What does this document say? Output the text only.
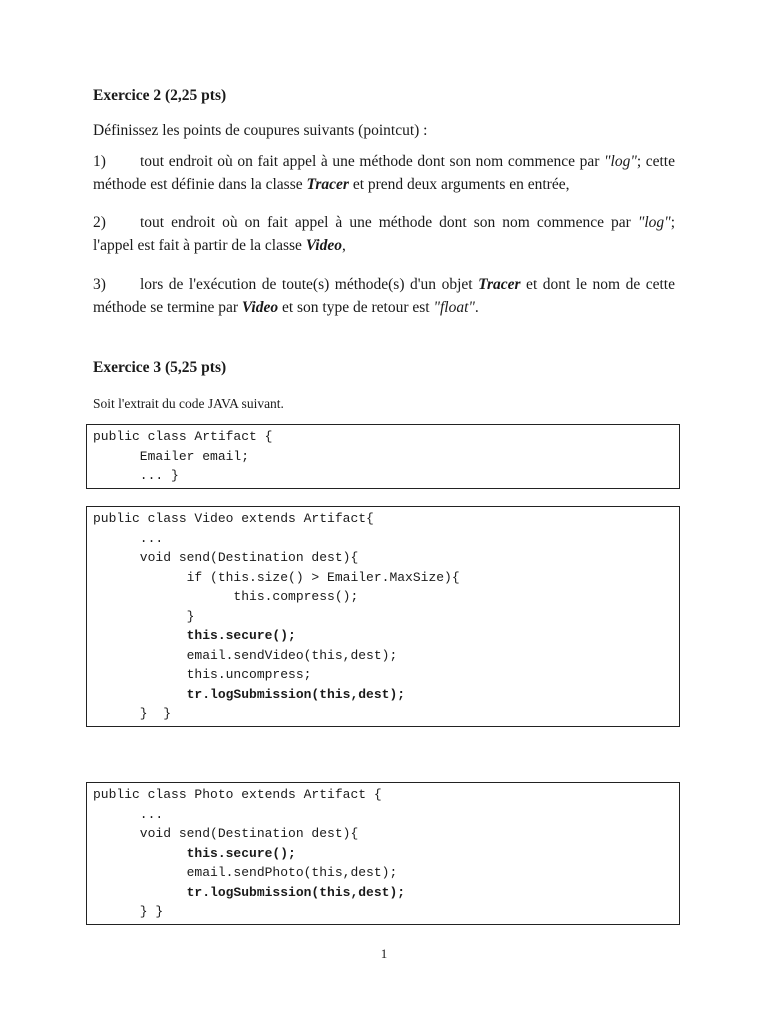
Exercice 2 (2,25 pts)
Définissez les points de coupures suivants (pointcut) :
1) tout endroit où on fait appel à une méthode dont son nom commence par "log"; cette méthode est définie dans la classe Tracer et prend deux arguments en entrée,
2) tout endroit où on fait appel à une méthode dont son nom commence par "log"; l'appel est fait à partir de la classe Video,
3) lors de l'exécution de toute(s) méthode(s) d'un objet Tracer et dont le nom de cette méthode se termine par Video et son type de retour est "float".
Exercice 3 (5,25 pts)
Soit l'extrait du code JAVA suivant.
public class Artifact {
Emailer email;
... }
public class Video extends Artifact{
...
void send(Destination dest){
if (this.size() > Emailer.MaxSize){
this.compress();
}
this.secure();
email.sendVideo(this,dest);
this.uncompress;
tr.logSubmission(this,dest);
}  }
public class Photo extends Artifact {
...
void send(Destination dest){
this.secure();
email.sendPhoto(this,dest);
tr.logSubmission(this,dest);
} }
1
